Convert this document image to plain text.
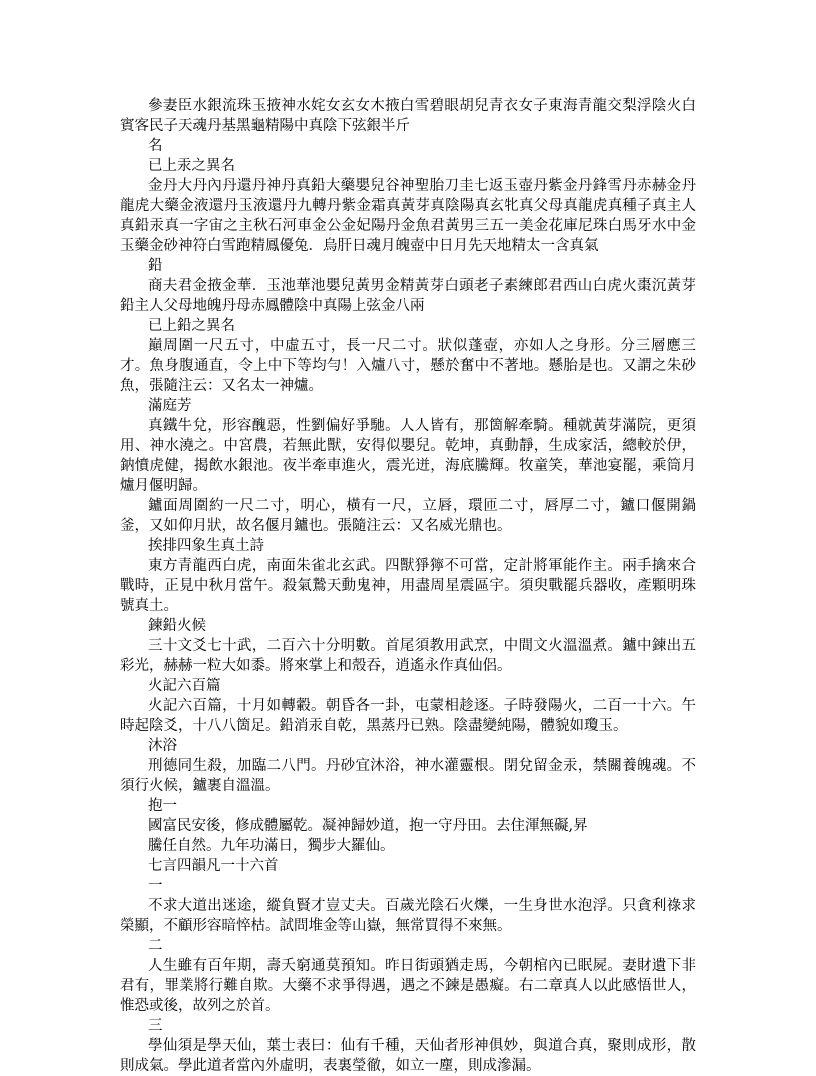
參妻臣水銀流珠玉掖神水姹女玄女木掖白雪碧眼胡兒青衣女子東海青龍交梨浮陰火白賓客民子天魂丹基黑龜精陽中真陰下弦銀半斤

名

已上汞之異名

金丹大丹內丹還丹神丹真鉛大藥嬰兒谷神聖胎刀圭七返玉壺丹紫金丹鋒雪丹赤赫金丹龍虎大藥金液還丹玉液還丹九轉丹紫金霜真黃芽真陰陽真玄牝真父母真龍虎真種子真主人真鉛汞真一字宙之主秋石河車金公金妃陽丹金魚君黃男三五一美金花庫尼珠白馬牙水中金玉藥金砂神符白雪跑精鳳優兔．烏肝日魂月魄壺中日月先天地精太一含真氣

鉛

商夫君金掖金華．玉池華池嬰兒黃男金精黃芽白頭老子素練郎君西山白虎火棗沉黃芽鉛主人父母地魄丹母赤鳳體陰中真陽上弦金八兩

已上鉛之異名

巔周圍一尺五寸，中虛五寸，長一尺二寸。狀似蓬壺，亦如人之身形。分三層應三才。魚身腹通直，令上中下等均勻！入爐八寸，懸於奮中不著地。懸胎是也。又謂之朱砂魚，張隨注云：又名太一神爐。

滿庭芳

真鐵牛兌，形容醜惡，性劉偏好爭馳。人人皆有，那箇解牽騎。種就黃芽滿院，更須用、神水澆之。中宮農，若無此獸，安得似嬰兒。乾坤，真動靜，生成家活，總較於伊，鈉憤虎健，揭飲水銀池。夜半牽車進火，震光迸，海底騰輝。牧童笑，華池宴罷，乘筒月爐月偃明歸。

鑪面周圍約一尺二寸，明心，橫有一尺，立唇，環匝二寸，唇厚二寸，鑪口偃開鍋釜，又如仰月狀，故名偃月鑪也。張隨注云：又名威光鼎也。

挨排四象生真土詩

東方青龍西白虎，南面朱雀北玄武。四獸猙獰不可當，定計將軍能作主。兩手擒來合戰時，正見中秋月當午。殺氣鷙天動鬼神，用盡周星震區宇。須臾戰罷兵器收，產顆明珠號真土。

鍊鉛火候

三十文爻七十武，二百六十分明數。首尾須教用武烹，中間文火溫溫煮。鑪中鍊出五彩光，赫赫一粒大如黍。將來掌上和殼吞，逍遙永作真仙侶。

火記六百篇

火記六百篇，十月如轉轂。朝昏各一卦，屯蒙相趁逐。子時發陽火，二百一十六。午時起陰爻，十八八箇足。鉛消汞自乾，黑蒸丹已熟。陰盡變純陽，體貌如瓊玉。

沐浴

刑德同生殺，加臨二八門。丹砂宜沐浴，神水灌靈根。閉兌留金汞，禁關養魄魂。不須行火候，鑪裹自溫溫。

抱一

國富民安後，修成體屬乾。凝神歸妙道，抱一守丹田。去住渾無礙,昇

騰任自然。九年功滿日，獨步大羅仙。

七言四韻凡一十六首

一

不求大道出迷途，縱負賢才豈丈夫。百歲光陰石火爍，一生身世水泡浮。只貪利祿求榮顯，不顧形容暗悴枯。試問堆金等山嶽，無常買得不來無。

二

人生雖有百年期，壽夭窮通莫預知。昨日街頭猶走馬，今朝棺內已眠屍。妻財遺下非君有，罪業將行難自欺。大藥不求爭得遇，遇之不鍊是愚癡。右二章真人以此感悟世人，惟恐或後，故列之於首。

三

學仙須是學天仙，葉士表曰：仙有千種，天仙者形神俱妙，與道合真，聚則成形，散則成氣。學此道者當內外虛明，表裏瑩徹，如立一塵，則成滲漏。
